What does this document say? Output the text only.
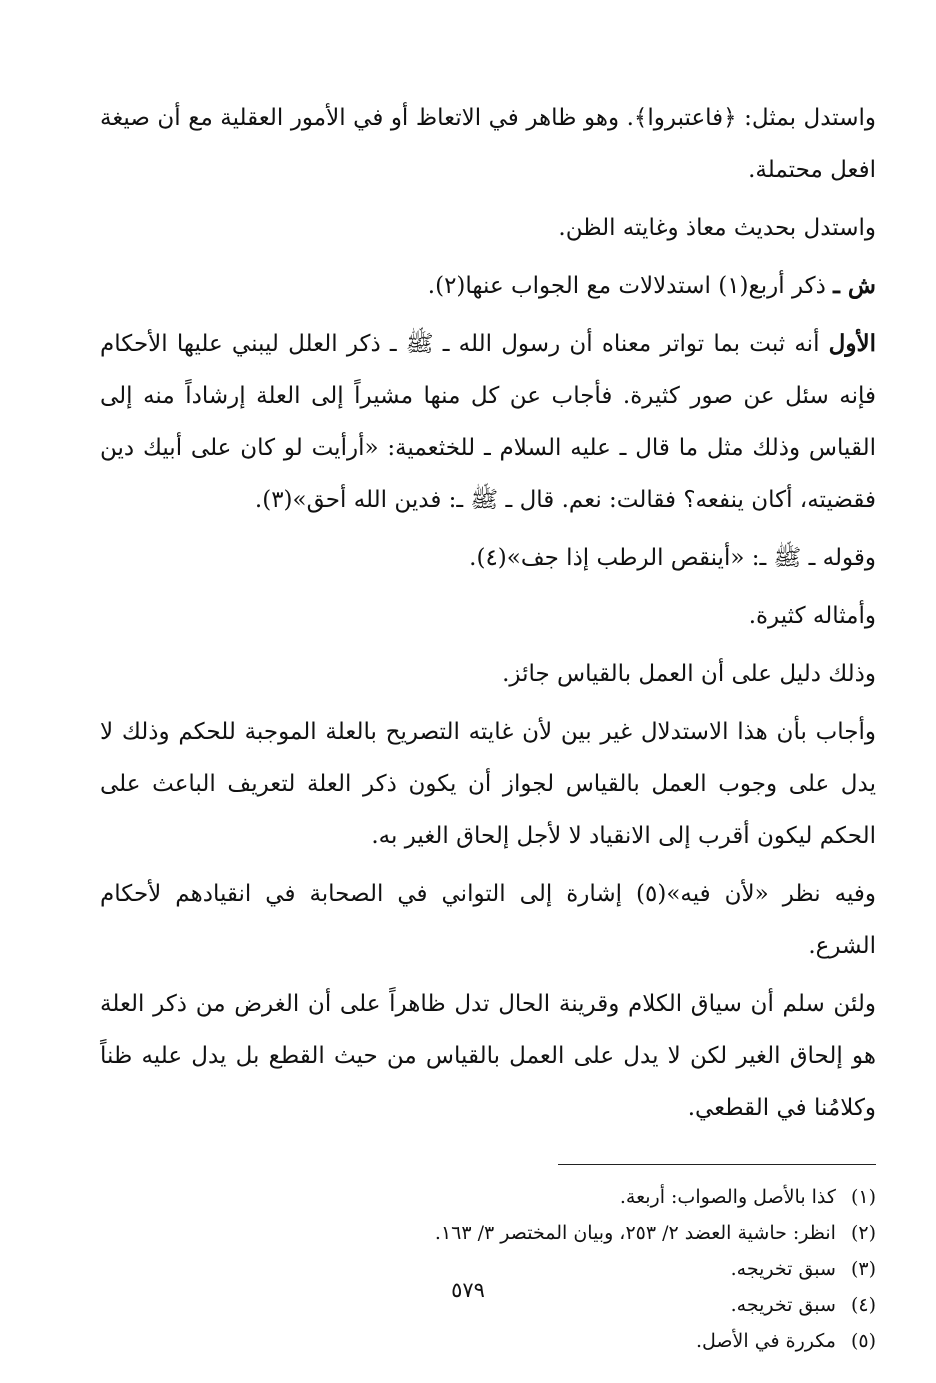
واستدل بمثل: ﴿فاعتبروا﴾. وهو ظاهر في الاتعاظ أو في الأمور العقلية مع أن صيغة افعل محتملة.

واستدل بحديث معاذ وغايته الظن.

ش ـ ذكر أربع(١) استدلالات مع الجواب عنها(٢).

الأول أنه ثبت بما تواتر معناه أن رسول الله ـ ﷺ ـ ذكر العلل ليبني عليها الأحكام فإنه سئل عن صور كثيرة. فأجاب عن كل منها مشيراً إلى العلة إرشاداً منه إلى القياس وذلك مثل ما قال ـ عليه السلام ـ للخثعمية: «أرأيت لو كان على أبيك دين فقضيته، أكان ينفعه؟ فقالت: نعم. قال ـ ﷺ ـ: فدين الله أحق»(٣).

وقوله ـ ﷺ ـ: «أينقص الرطب إذا جف»(٤).

وأمثاله كثيرة.

وذلك دليل على أن العمل بالقياس جائز.

وأجاب بأن هذا الاستدلال غير بين لأن غايته التصريح بالعلة الموجبة للحكم وذلك لا يدل على وجوب العمل بالقياس لجواز أن يكون ذكر العلة لتعريف الباعث على الحكم ليكون أقرب إلى الانقياد لا لأجل إلحاق الغير به.

وفيه نظر «لأن فيه»(٥) إشارة إلى التواني في الصحابة في انقيادهم لأحكام الشرع.

ولئن سلم أن سياق الكلام وقرينة الحال تدل ظاهراً على أن الغرض من ذكر العلة هو إلحاق الغير لكن لا يدل على العمل بالقياس من حيث القطع بل يدل عليه ظناً وكلامُنا في القطعي.

(١) كذا بالأصل والصواب: أربعة.

(٢) انظر: حاشية العضد ٢/ ٢٥٣، وبيان المختصر ٣/ ١٦٣.

(٣) سبق تخريجه.

(٤) سبق تخريجه.

(٥) مكررة في الأصل.

٥٧٩
